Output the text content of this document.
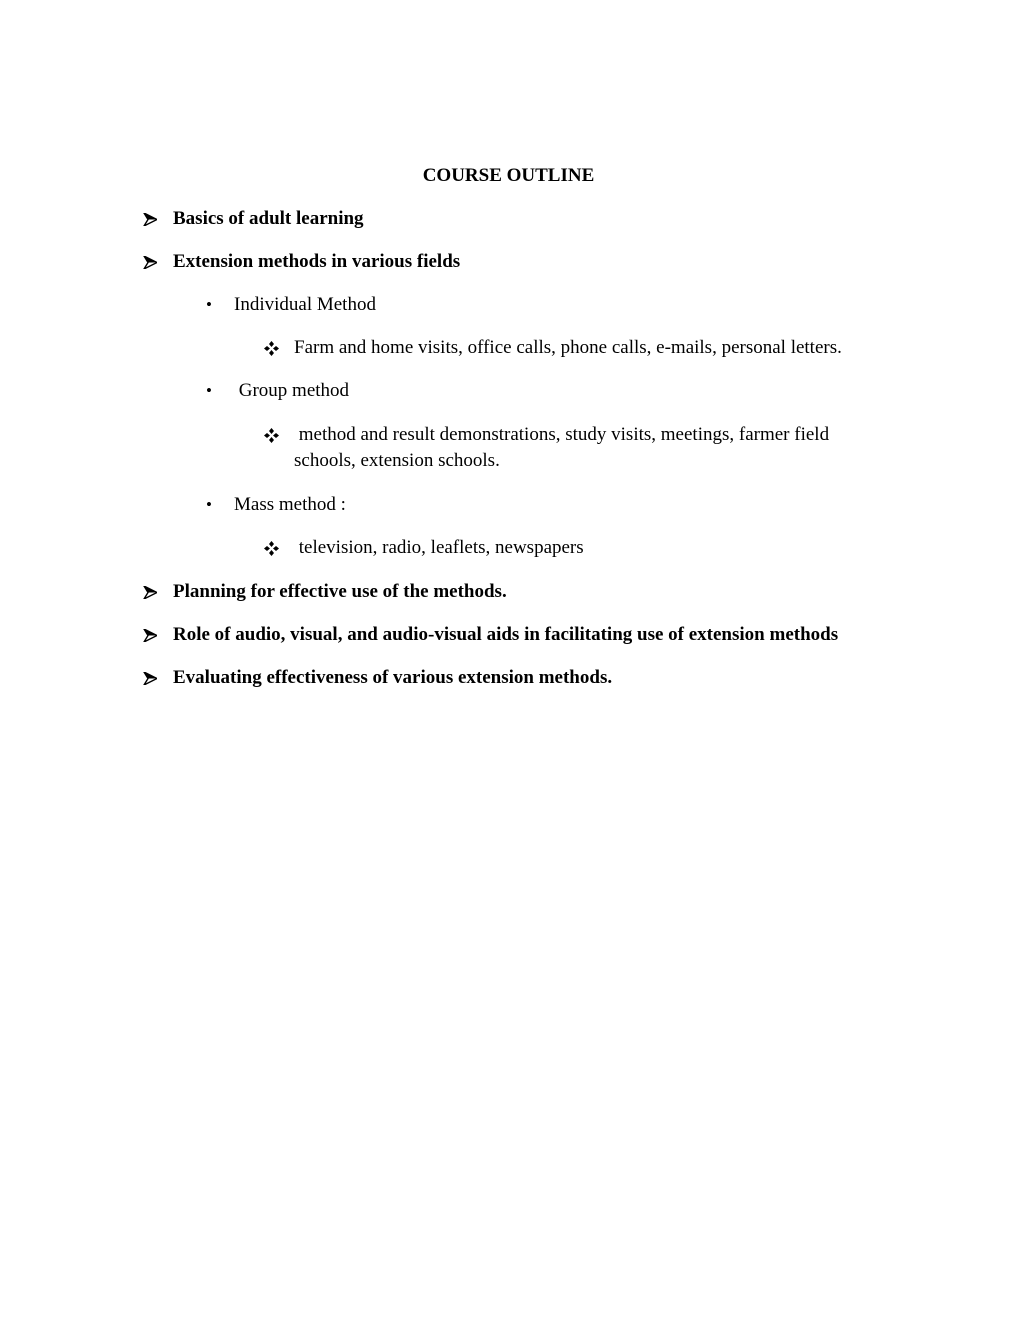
COURSE OUTLINE
Basics of adult learning
Extension methods in various fields
• Individual Method
Farm and home visits, office calls, phone calls, e-mails, personal letters.
• Group method
method and result demonstrations, study visits, meetings, farmer field
schools, extension schools.
• Mass method :
television, radio, leaflets, newspapers
Planning for effective use of the methods.
Role of audio, visual, and audio-visual aids in facilitating use of extension methods
Evaluating effectiveness of various extension methods.
